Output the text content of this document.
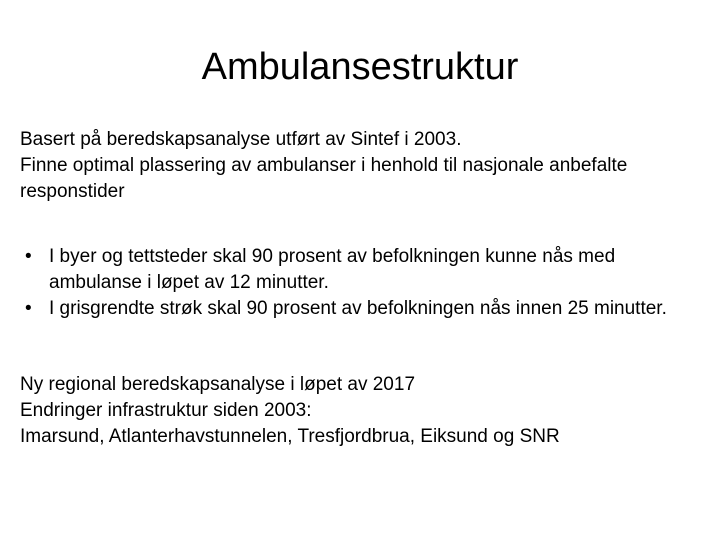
Ambulansestruktur

Basert på beredskapsanalyse utført av Sintef i 2003.

Finne optimal plassering av ambulanser i henhold til nasjonale anbefalte responstider

• I byer og tettsteder skal 90 prosent av befolkningen kunne nås med ambulanse i løpet av 12 minutter.
• I grisgrendte strøk skal 90 prosent av befolkningen nås innen 25 minutter.

Ny regional beredskapsanalyse i løpet av 2017

Endringer infrastruktur siden 2003:

Imarsund, Atlanterhavstunnelen, Tresfjordbrua, Eiksund og SNR
